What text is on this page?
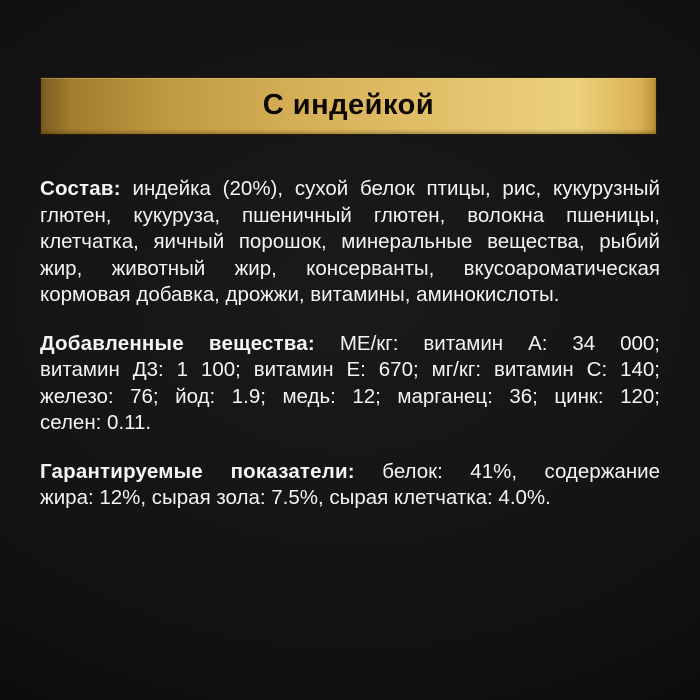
С индейкой
Состав: индейка (20%), сухой белок птицы, рис, кукурузный
глютен, кукуруза, пшеничный глютен, волокна пшеницы,
клетчатка, яичный порошок, минеральные вещества, рыбий
жир, животный жир, консерванты, вкусоароматическая
кормовая добавка, дрожжи, витамины, аминокислоты.
Добавленные вещества: МЕ/кг: витамин А: 34 000;
витамин Д3: 1 100; витамин Е: 670; мг/кг: витамин С: 140;
железо: 76; йод: 1.9; медь: 12; марганец: 36; цинк: 120;
селен: 0.11.
Гарантируемые показатели: белок: 41%, содержание
жира: 12%, сырая зола: 7.5%, сырая клетчатка: 4.0%.
